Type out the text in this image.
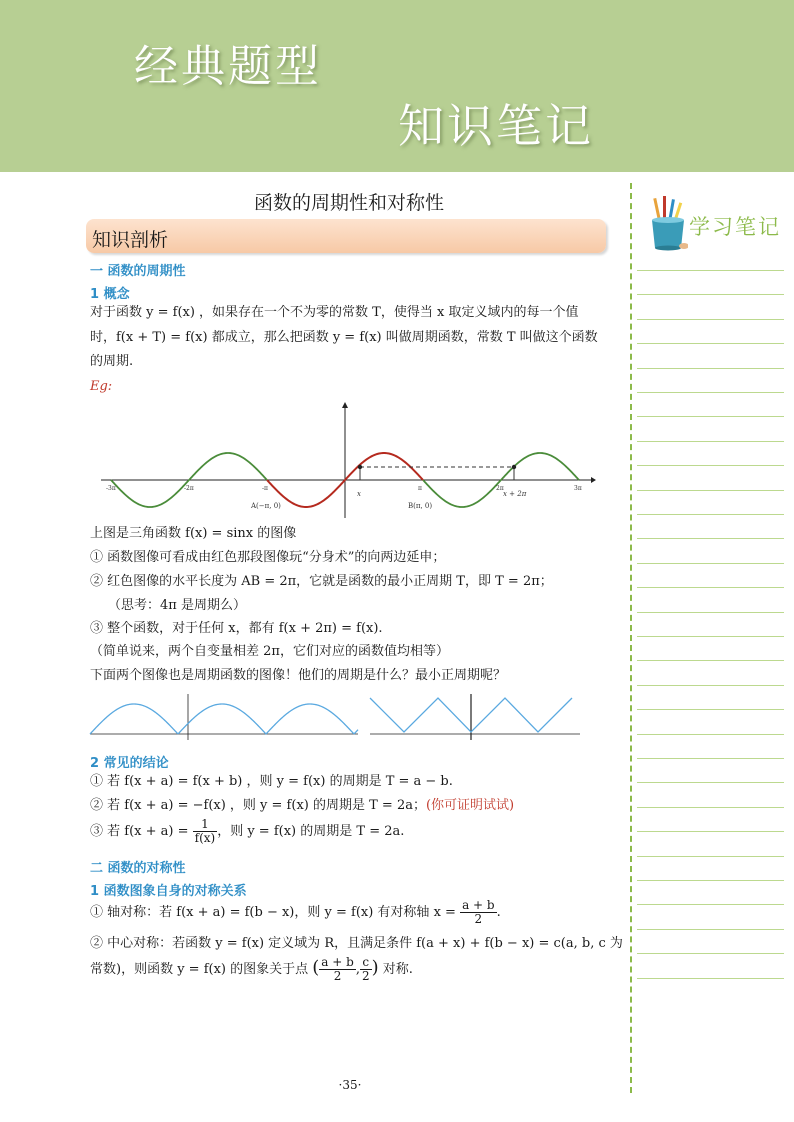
经典题型
知识笔记
函数的周期性和对称性
知识剖析
一 函数的周期性
1 概念
对于函数 y = f(x) ，如果存在一个不为零的常数 T，使得当 x 取定义域内的每一个值
时，f(x + T) = f(x) 都成立，那么把函数 y = f(x) 叫做周期函数，常数 T 叫做这个函数
的周期.
Eg:
-3π	-2π	-π	π	2π	3π
x	x + 2π
A(−π, 0)	B(π, 0)
上图是三角函数 f(x) = sinx 的图像
① 函数图像可看成由红色那段图像玩“分身术”的向两边延申；
② 红色图像的水平长度为 AB = 2π，它就是函数的最小正周期 T，即 T = 2π；
（思考：4π 是周期么）
③ 整个函数，对于任何 x，都有 f(x + 2π) = f(x).
（简单说来，两个自变量相差 2π，它们对应的函数值均相等）
下面两个图像也是周期函数的图像！他们的周期是什么？最小正周期呢？
2 常见的结论
① 若 f(x + a) = f(x + b) ，则 y = f(x) 的周期是 T = a − b.
② 若 f(x + a) = −f(x) ，则 y = f(x) 的周期是 T = 2a；(你可证明试试)
③ 若 $f(x + a) = \frac{1}{f(x)}$ ，则 y = f(x) 的周期是 T = 2a.
二 函数的对称性
1 函数图象自身的对称关系
① 轴对称：若 f(x + a) = f(b − x)，则 y = f(x) 有对称轴 $x = \frac{a + b}{2}$ .
② 中心对称：若函数 y = f(x) 定义域为 R，且满足条件 f(a + x) + f(b − x) = c(a, b, c 为
常数)，则函数 y = f(x) 的图象关于点 ( $\frac{a + b}{2}$ , $\frac{c}{2}$ ) 对称.
·35·
学习笔记
